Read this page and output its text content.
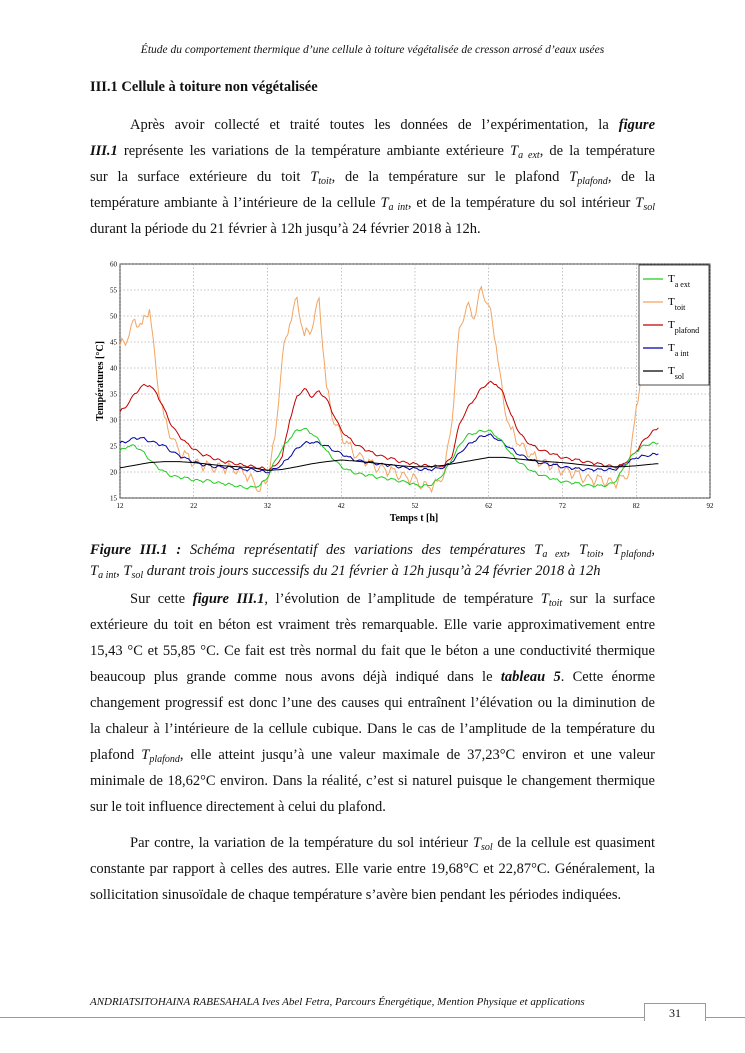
Étude du comportement thermique d’une cellule à toiture végétalisée de cresson arrosé d’eaux usées
III.1 Cellule à toiture non végétalisée
Après avoir collecté et traité toutes les données de l’expérimentation, la figure
III.1 représente les variations de la température ambiante extérieure $T_{a ext}$, de la température
sur la surface extérieure du toit $T_{toit}$, de la température sur le plafond $T_{plafond}$, de la
température ambiante à l’intérieure de la cellule $T_{a int}$, et de la température du sol intérieur $T_{sol}$
durant la période du 21 février à 12h jusqu’à 24 février 2018 à 12h.
12	22	32	42	52	62	72	82	92
15
20
25
30
35
40
45
50
55
60
Températures [°C]
Temps t [h]
$T_{a ext}$
$T_{toit}$
$T_{plafond}$
$T_{a int}$
$T_{sol}$
Figure III.1 : Schéma représentatif des variations des températures $T_{a ext}$, $T_{toit}$, $T_{plafond}$,
$T_{a int}$, $T_{sol}$ durant trois jours successifs du 21 février à 12h jusqu’à 24 février 2018 à 12h
Sur cette figure III.1, l’évolution de l’amplitude de température $T_{toit}$ sur la surface
extérieure du toit en béton est vraiment très remarquable. Elle varie approximativement entre
15,43 °C et 55,85 °C. Ce fait est très normal du fait que le béton a une conductivité thermique
beaucoup plus grande comme nous avons déjà indiqué dans le tableau 5. Cette énorme
changement progressif est donc l’une des causes qui entraînent l’élévation ou la diminution de
la chaleur à l’intérieure de la cellule cubique. Dans le cas de l’amplitude de la température du
plafond $T_{plafond}$, elle atteint jusqu’à une valeur maximale de 37,23°C environ et une valeur
minimale de 18,62°C environ. Dans la réalité, c’est si naturel puisque le changement thermique
sur le toit influence directement à celui du plafond.
Par contre, la variation de la température du sol intérieur $T_{sol}$ de la cellule est quasiment
constante par rapport à celles des autres. Elle varie entre 19,68°C et 22,87°C. Généralement, la
sollicitation sinusoïdale de chaque température s’avère bien pendant les périodes indiquées.
ANDRIATSITOHAINA RABESAHALA Ives Abel Fetra, Parcours Énergétique, Mention Physique et applications
31
